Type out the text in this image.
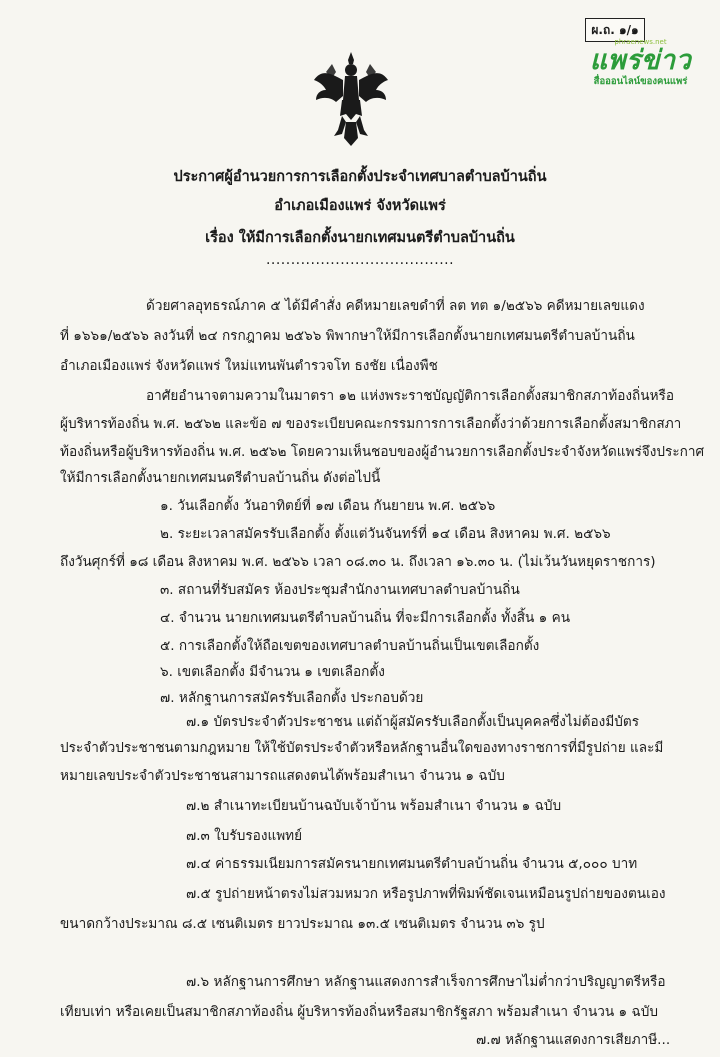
ผ.ถ. ๑/๑
phraenews.net
แพร่ข่าว
สื่อออนไลน์ของคนแพร่
ประกาศผู้อำนวยการการเลือกตั้งประจำเทศบาลตำบลบ้านถิ่น
อำเภอเมืองแพร่ จังหวัดแพร่
เรื่อง ให้มีการเลือกตั้งนายกเทศมนตรีตำบลบ้านถิ่น
......................................
ด้วยศาลอุทธรณ์ภาค ๕ ได้มีคำสั่ง คดีหมายเลขดำที่ ลต ทต ๑/๒๕๖๖ คดีหมายเลขแดง
ที่ ๑๖๖๑/๒๕๖๖ ลงวันที่ ๒๔ กรกฎาคม ๒๕๖๖ พิพากษาให้มีการเลือกตั้งนายกเทศมนตรีตำบลบ้านถิ่น
อำเภอเมืองแพร่ จังหวัดแพร่ ใหม่แทนพันตำรวจโท ธงชัย เนื่องพืช
อาศัยอำนาจตามความในมาตรา ๑๒ แห่งพระราชบัญญัติการเลือกตั้งสมาชิกสภาท้องถิ่นหรือ
ผู้บริหารท้องถิ่น พ.ศ. ๒๕๖๒ และข้อ ๗ ของระเบียบคณะกรรมการการเลือกตั้งว่าด้วยการเลือกตั้งสมาชิกสภา
ท้องถิ่นหรือผู้บริหารท้องถิ่น พ.ศ. ๒๕๖๒ โดยความเห็นชอบของผู้อำนวยการเลือกตั้งประจำจังหวัดแพร่จึงประกาศ
ให้มีการเลือกตั้งนายกเทศมนตรีตำบลบ้านถิ่น ดังต่อไปนี้
๑. วันเลือกตั้ง วันอาทิตย์ที่ ๑๗ เดือน กันยายน พ.ศ. ๒๕๖๖
๒. ระยะเวลาสมัครรับเลือกตั้ง ตั้งแต่วันจันทร์ที่ ๑๔ เดือน สิงหาคม พ.ศ. ๒๕๖๖
ถึงวันศุกร์ที่ ๑๘ เดือน สิงหาคม พ.ศ. ๒๕๖๖ เวลา ๐๘.๓๐ น. ถึงเวลา ๑๖.๓๐ น. (ไม่เว้นวันหยุดราชการ)
๓. สถานที่รับสมัคร ห้องประชุมสำนักงานเทศบาลตำบลบ้านถิ่น
๔. จำนวน นายกเทศมนตรีตำบลบ้านถิ่น ที่จะมีการเลือกตั้ง ทั้งสิ้น ๑ คน
๕. การเลือกตั้งให้ถือเขตของเทศบาลตำบลบ้านถิ่นเป็นเขตเลือกตั้ง
๖. เขตเลือกตั้ง มีจำนวน ๑ เขตเลือกตั้ง
๗. หลักฐานการสมัครรับเลือกตั้ง ประกอบด้วย
๗.๑ บัตรประจำตัวประชาชน แต่ถ้าผู้สมัครรับเลือกตั้งเป็นบุคคลซึ่งไม่ต้องมีบัตร
ประจำตัวประชาชนตามกฎหมาย ให้ใช้บัตรประจำตัวหรือหลักฐานอื่นใดของทางราชการที่มีรูปถ่าย และมี
หมายเลขประจำตัวประชาชนสามารถแสดงตนได้พร้อมสำเนา จำนวน ๑ ฉบับ
๗.๒ สำเนาทะเบียนบ้านฉบับเจ้าบ้าน พร้อมสำเนา จำนวน ๑ ฉบับ
๗.๓ ใบรับรองแพทย์
๗.๔ ค่าธรรมเนียมการสมัครนายกเทศมนตรีตำบลบ้านถิ่น จำนวน ๕,๐๐๐ บาท
๗.๕ รูปถ่ายหน้าตรงไม่สวมหมวก หรือรูปภาพที่พิมพ์ชัดเจนเหมือนรูปถ่ายของตนเอง
ขนาดกว้างประมาณ ๘.๕ เซนติเมตร ยาวประมาณ ๑๓.๕ เซนติเมตร จำนวน ๓๖ รูป
๗.๖ หลักฐานการศึกษา หลักฐานแสดงการสำเร็จการศึกษาไม่ต่ำกว่าปริญญาตรีหรือ
เทียบเท่า หรือเคยเป็นสมาชิกสภาท้องถิ่น ผู้บริหารท้องถิ่นหรือสมาชิกรัฐสภา พร้อมสำเนา จำนวน ๑ ฉบับ
๗.๗ หลักฐานแสดงการเสียภาษี...
